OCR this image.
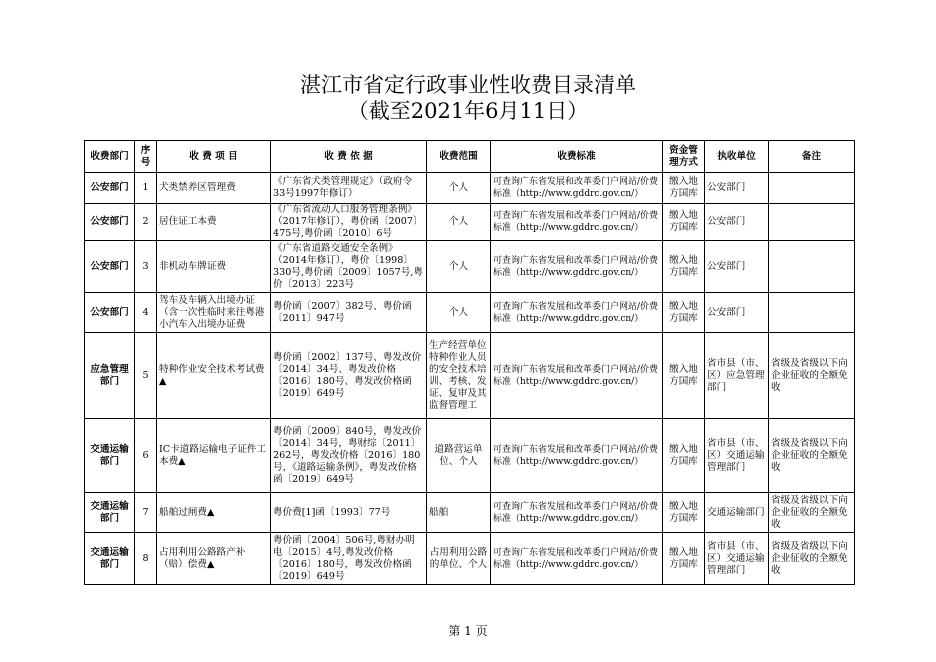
湛江市省定行政事业性收费目录清单
（截至2021年6月11日）
收费部门	序号	收 费 项 目	收 费 依 据	收费范围	收费标准	资金管理方式	执收单位	备注
公安部门	1	犬类禁养区管理费	《广东省犬类管理规定》（政府令33号1997年修订）	个人	可查询广东省发展和改革委门户网站/价费标准（http://www.gddrc.gov.cn/）	缴入地方国库	公安部门	
公安部门	2	居住证工本费	《广东省流动人口服务管理条例》（2017年修订），粤价函〔2007〕475号,粤价函〔2010〕6号	个人	可查询广东省发展和改革委门户网站/价费标准（http://www.gddrc.gov.cn/）	缴入地方国库	公安部门	
公安部门	3	非机动车牌证费	《广东省道路交通安全条例》（2014年修订），粤价〔1998〕330号,粤价函〔2009〕1057号,粤价〔2013〕223号	个人	可查询广东省发展和改革委门户网站/价费标准（http://www.gddrc.gov.cn/）	缴入地方国库	公安部门	
公安部门	4	驾车及车辆入出境办证（含一次性临时来往粤港小汽车入出境办证费	粤价函〔2007〕382号、粤价函〔2011〕947号	个人	可查询广东省发展和改革委门户网站/价费标准（http://www.gddrc.gov.cn/）	缴入地方国库	公安部门	
应急管理部门	5	特种作业安全技术考试费▲	粤价函〔2002〕137号、粤发改价〔2014〕34号、粤发改价格〔2016〕180号、粤发改价格函〔2019〕649号	生产经营单位特种作业人员的安全技术培训、考核、发证、复审及其监督管理工	可查询广东省发展和改革委门户网站/价费标准（http://www.gddrc.gov.cn/）	缴入地方国库	省市县（市、区）应急管理部门	省级及省级以下向企业征收的全额免收
交通运输部门	6	IC卡道路运输电子证件工本费▲	粤价函〔2009〕840号，粤发改价〔2014〕34号，粤财综〔2011〕262号，粤发改价格〔2016〕180号，《道路运输条例》，粤发改价格函〔2019〕649号	道路营运单位、个人	可查询广东省发展和改革委门户网站/价费标准（http://www.gddrc.gov.cn/）	缴入地方国库	省市县（市、区）交通运输管理部门	省级及省级以下向企业征收的全额免收
交通运输部门	7	船舶过闸费▲	粤价费[1]函〔1993〕77号	船舶	可查询广东省发展和改革委门户网站/价费标准（http://www.gddrc.gov.cn/）	缴入地方国库	交通运输部门	省级及省级以下向企业征收的全额免收
交通运输部门	8	占用利用公路路产补（赔）偿费▲	粤价函〔2004〕506号,粤财办明电〔2015〕4号,粤发改价格〔2016〕180号，粤发改价格函〔2019〕649号	占用利用公路的单位、个人	可查询广东省发展和改革委门户网站/价费标准（http://www.gddrc.gov.cn/）	缴入地方国库	省市县（市、区）交通运输管理部门	省级及省级以下向企业征收的全额免收
第 1 页
